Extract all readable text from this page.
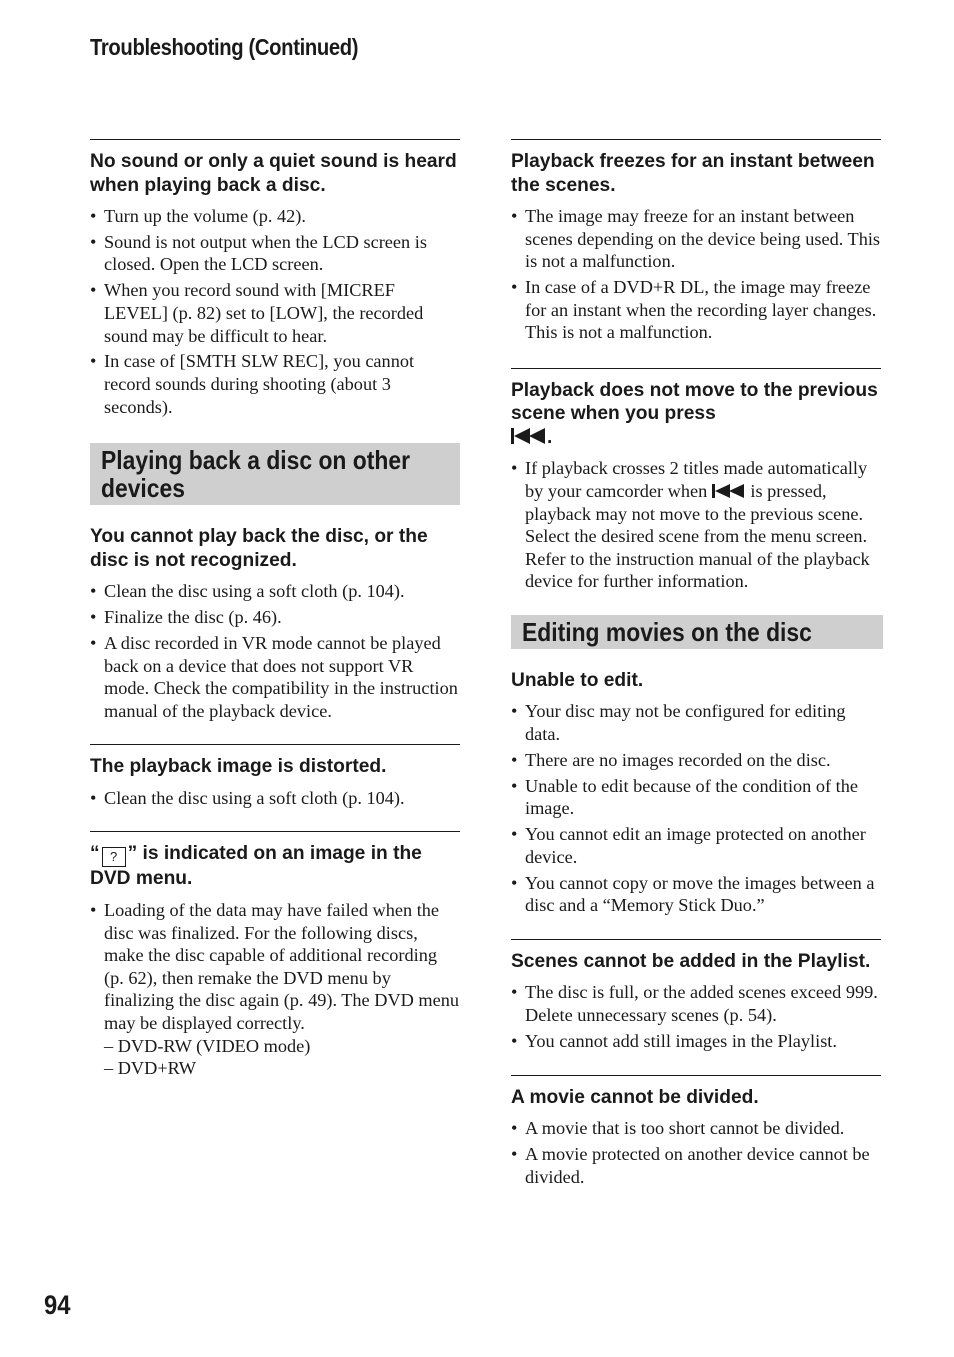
Troubleshooting (Continued)
No sound or only a quiet sound is heard when playing back a disc.
• Turn up the volume (p. 42).
• Sound is not output when the LCD screen is closed. Open the LCD screen.
• When you record sound with [MICREF LEVEL] (p. 82) set to [LOW], the recorded sound may be difficult to hear.
• In case of [SMTH SLW REC], you cannot record sounds during shooting (about 3 seconds).
Playing back a disc on other devices
You cannot play back the disc, or the disc is not recognized.
• Clean the disc using a soft cloth (p. 104).
• Finalize the disc (p. 46).
• A disc recorded in VR mode cannot be played back on a device that does not support VR mode. Check the compatibility in the instruction manual of the playback device.
The playback image is distorted.
• Clean the disc using a soft cloth (p. 104).
“ ? ” is indicated on an image in the DVD menu.
• Loading of the data may have failed when the disc was finalized. For the following discs, make the disc capable of additional recording (p. 62), then remake the DVD menu by finalizing the disc again (p. 49). The DVD menu may be displayed correctly.
– DVD-RW (VIDEO mode)
– DVD+RW
Playback freezes for an instant between the scenes.
• The image may freeze for an instant between scenes depending on the device being used. This is not a malfunction.
• In case of a DVD+R DL, the image may freeze for an instant when the recording layer changes. This is not a malfunction.
Playback does not move to the previous scene when you press

.
• If playback crosses 2 titles made automatically by your camcorder when is pressed, playback may not move to the previous scene. Select the desired scene from the menu screen. Refer to the instruction manual of the playback device for further information.
Editing movies on the disc
Unable to edit.
• Your disc may not be configured for editing data.
• There are no images recorded on the disc.
• Unable to edit because of the condition of the image.
• You cannot edit an image protected on another device.
• You cannot copy or move the images between a disc and a “Memory Stick Duo.”
Scenes cannot be added in the Playlist.
• The disc is full, or the added scenes exceed 999. Delete unnecessary scenes (p. 54).
• You cannot add still images in the Playlist.
A movie cannot be divided.
• A movie that is too short cannot be divided.
• A movie protected on another device cannot be divided.
94
